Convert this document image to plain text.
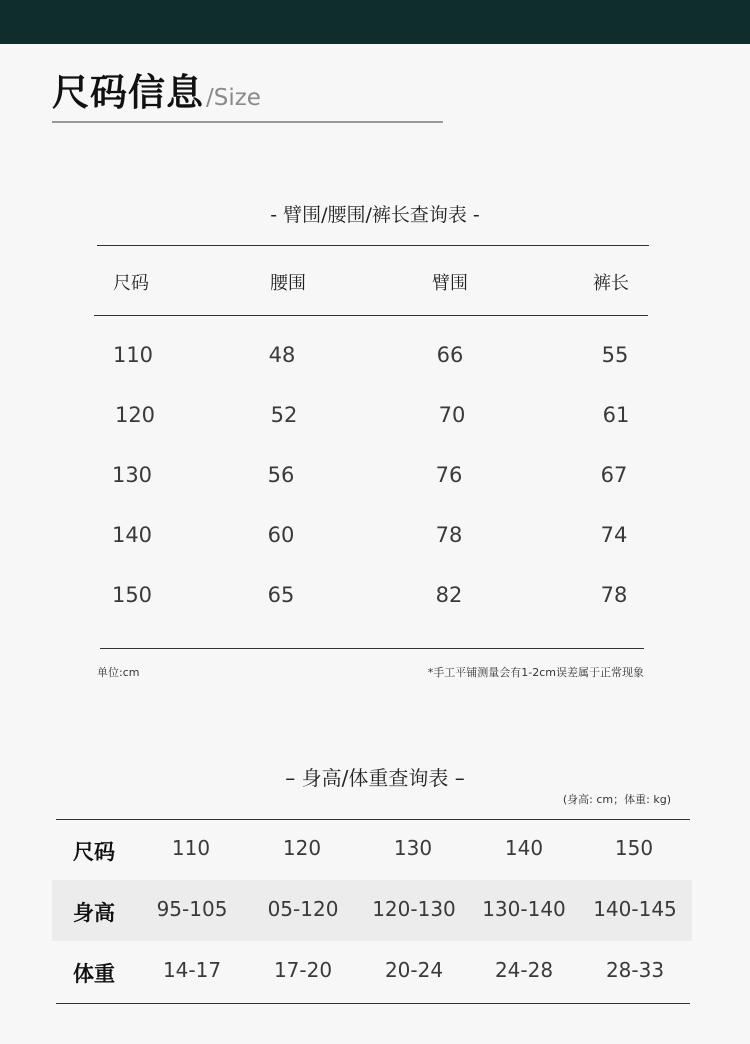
尺码信息 /Size
- 臂围/腰围/裤长查询表 -
尺码	腰围	臂围	裤长
110	48	66	55
120	52	70	61
130	56	76	67
140	60	78	74
150	65	82	78
单位:cm	*手工平铺测量会有1-2cm误差属于正常现象
– 身高/体重查询表 –
(身高: cm；体重: kg)
尺码	110	120	130	140	150
身高 95-105 05-120 120-130 130-140 140-145
体重 14-17	17-20	20-24	24-28	28-33
